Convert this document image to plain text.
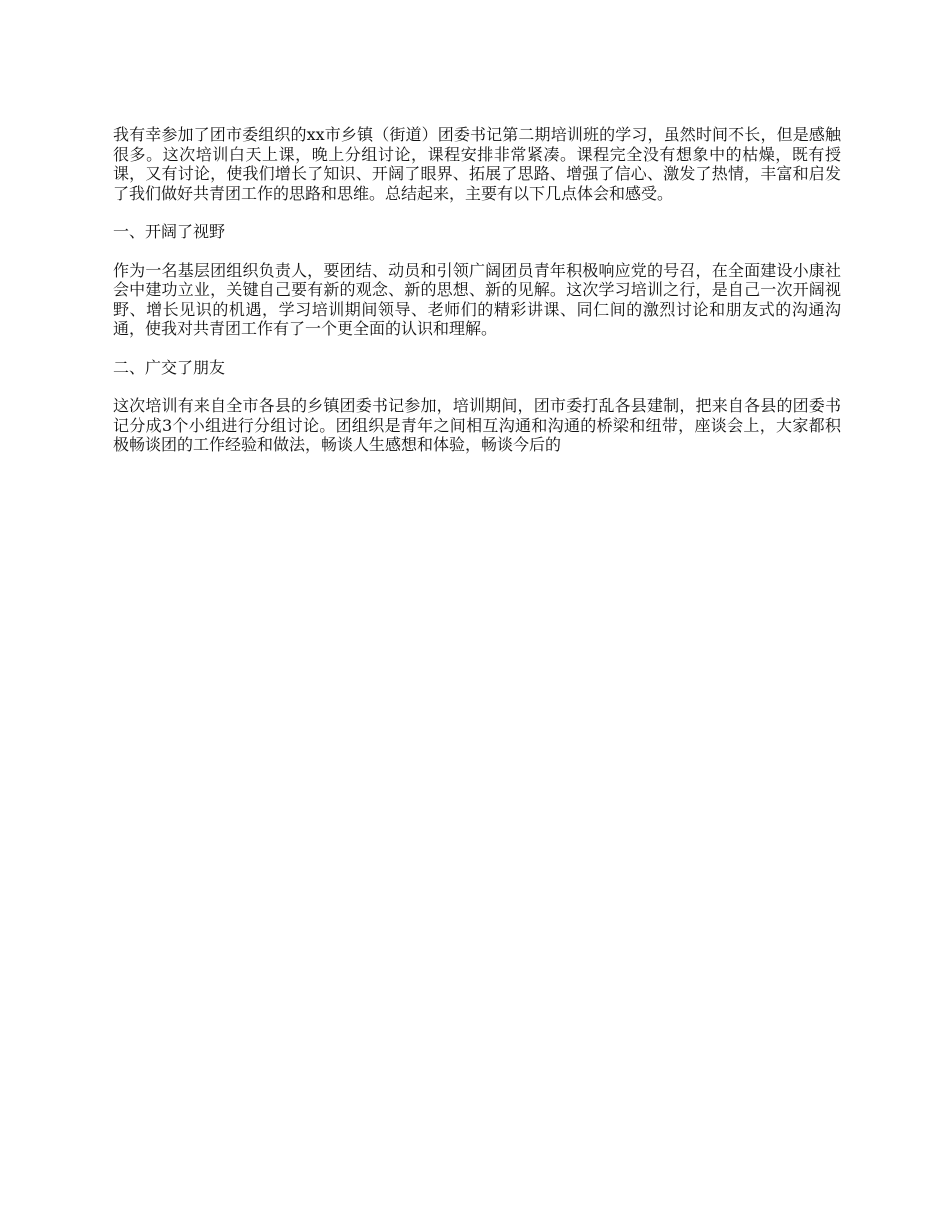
我有幸参加了团市委组织的xx市乡镇（街道）团委书记第二期培训班的学习，虽然时间不长，但是感触很多。这次培训白天上课，晚上分组讨论，课程安排非常紧凑。课程完全没有想象中的枯燥，既有授课，又有讨论，使我们增长了知识、开阔了眼界、拓展了思路、增强了信心、激发了热情，丰富和启发了我们做好共青团工作的思路和思维。总结起来，主要有以下几点体会和感受。

一、开阔了视野

作为一名基层团组织负责人，要团结、动员和引领广阔团员青年积极响应党的号召，在全面建设小康社会中建功立业，关键自己要有新的观念、新的思想、新的见解。这次学习培训之行，是自己一次开阔视野、增长见识的机遇，学习培训期间领导、老师们的精彩讲课、同仁间的激烈讨论和朋友式的沟通沟通，使我对共青团工作有了一个更全面的认识和理解。

二、广交了朋友

这次培训有来自全市各县的乡镇团委书记参加，培训期间，团市委打乱各县建制，把来自各县的团委书记分成3个小组进行分组讨论。团组织是青年之间相互沟通和沟通的桥梁和纽带，座谈会上，大家都积极畅谈团的工作经验和做法，畅谈人生感想和体验，畅谈今后的
